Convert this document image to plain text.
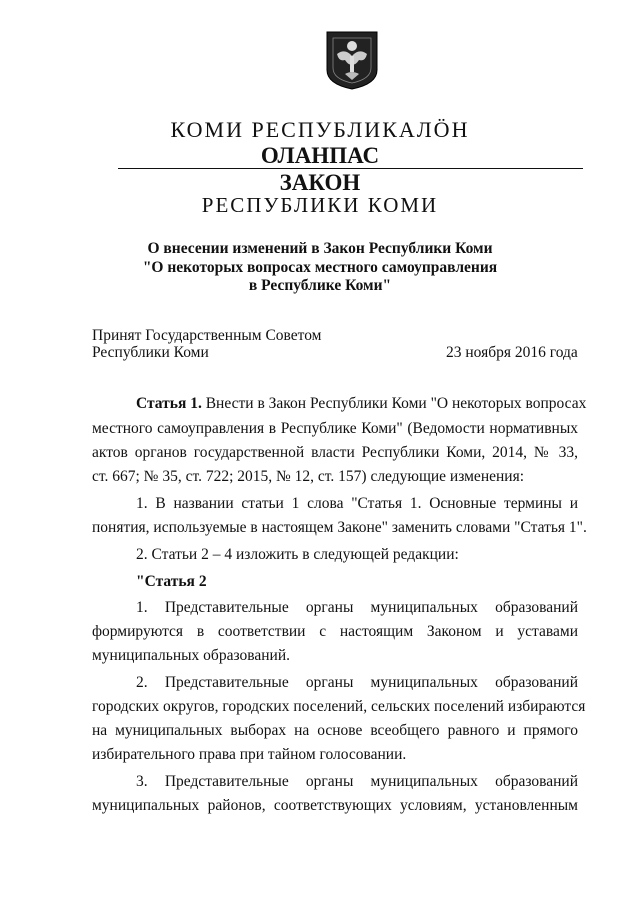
КОМИ РЕСПУБЛИКАЛÖН
ОЛАНПАС
ЗАКОН
РЕСПУБЛИКИ КОМИ
О внесении изменений в Закон Республики Коми
"О некоторых вопросах местного самоуправления
в Республике Коми"
Принят Государственным Советом
Республики Коми	23 ноября 2016 года
Статья 1. Внести в Закон Республики Коми "О некоторых вопросах
местного самоуправления в Республике Коми" (Ведомости нормативных
актов органов государственной власти Республики Коми, 2014, № 33,
ст. 667; № 35, ст. 722; 2015, № 12, ст. 157) следующие изменения:
1. В названии статьи 1 слова "Статья 1. Основные термины и
понятия, используемые в настоящем Законе" заменить словами "Статья 1".
2. Статьи 2 – 4 изложить в следующей редакции:
"Статья 2
1. Представительные органы муниципальных образований
формируются в соответствии с настоящим Законом и уставами
муниципальных образований.
2. Представительные органы муниципальных образований
городских округов, городских поселений, сельских поселений избираются
на муниципальных выборах на основе всеобщего равного и прямого
избирательного права при тайном голосовании.
3. Представительные органы муниципальных образований
муниципальных районов, соответствующих условиям, установленным
